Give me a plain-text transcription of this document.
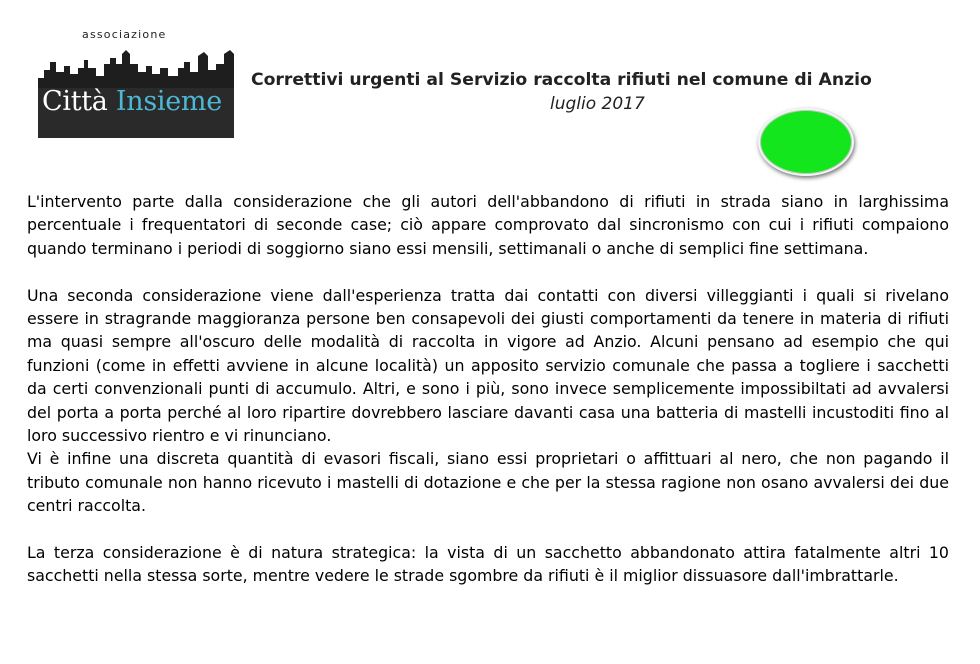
associazione
Città Insieme
Correttivi urgenti al Servizio raccolta rifiuti nel comune di Anzio
luglio 2017

L'intervento parte dalla considerazione che gli autori dell'abbandono di rifiuti in strada siano in larghissima percentuale i frequentatori di seconde case; ciò appare comprovato dal sincronismo con cui i rifiuti compaiono quando terminano i periodi di soggiorno siano essi mensili, settimanali o anche di semplici fine settimana.

Una seconda considerazione viene dall'esperienza tratta dai contatti con diversi villeggianti i quali si rivelano essere in stragrande maggioranza persone ben consapevoli dei giusti comportamenti da tenere in materia di rifiuti ma quasi sempre all'oscuro delle modalità di raccolta in vigore ad Anzio. Alcuni pensano ad esempio che qui funzioni (come in effetti avviene in alcune località) un apposito servizio comunale che passa a togliere i sacchetti da certi convenzionali punti di accumulo. Altri, e sono i più, sono invece semplicemente impossibiltati ad avvalersi del porta a porta perché al loro ripartire dovrebbero lasciare davanti casa una batteria di mastelli incustoditi fino al loro successivo rientro e vi rinunciano.

Vi è infine una discreta quantità di evasori fiscali, siano essi proprietari o affittuari al nero, che non pagando il tributo comunale non hanno ricevuto i mastelli di dotazione e che per la stessa ragione non osano avvalersi dei due centri raccolta.

La terza considerazione è di natura strategica: la vista di un sacchetto abbandonato attira fatalmente altri 10 sacchetti nella stessa sorte, mentre vedere le strade sgombre da rifiuti è il miglior dissuasore dall'imbrattarle.
